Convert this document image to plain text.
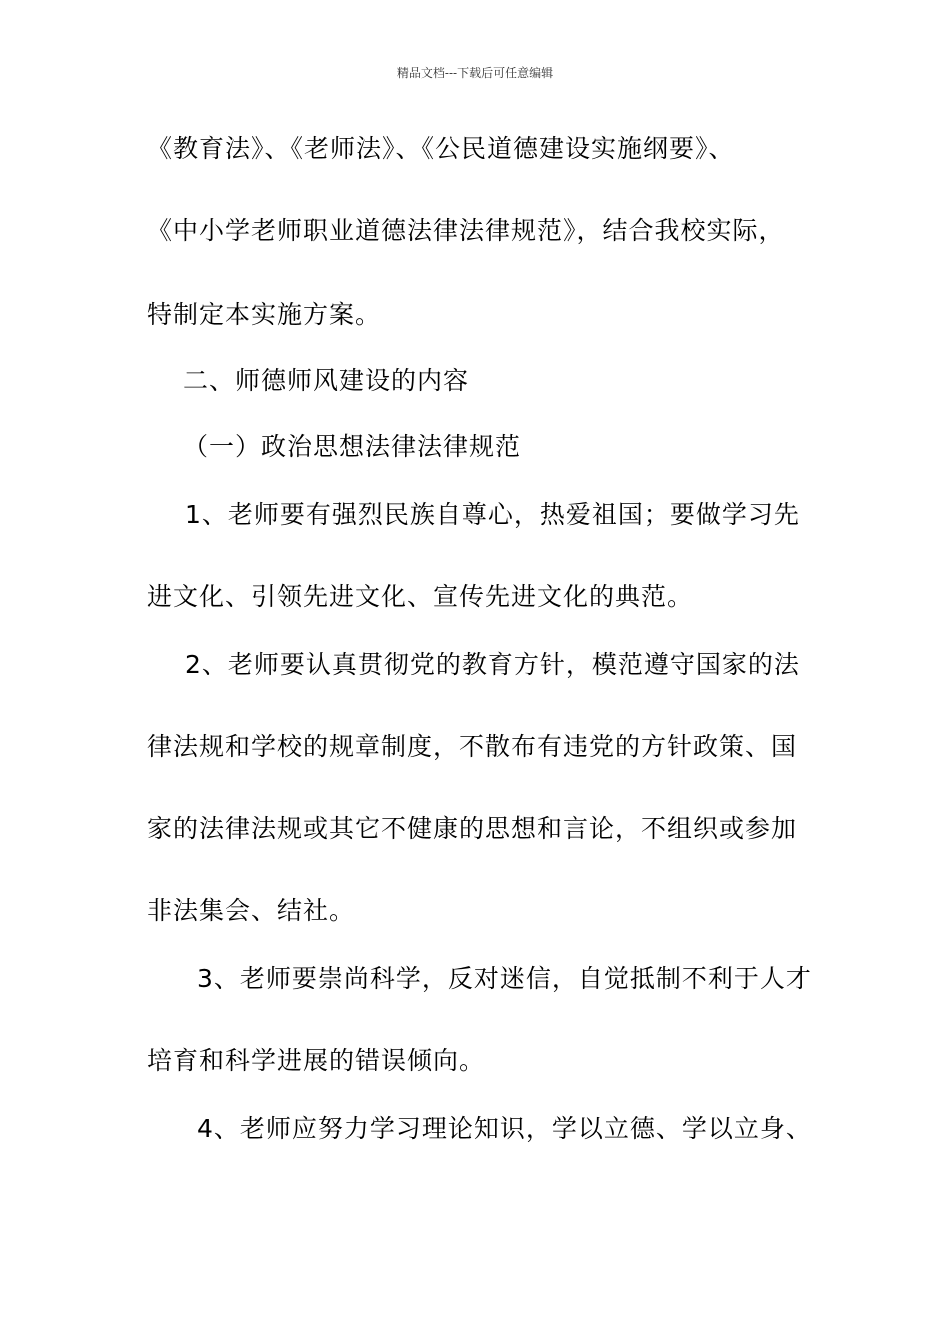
精品文档---下载后可任意编辑
《教育法》、《老师法》、《公民道德建设实施纲要》、
《中小学老师职业道德法律法律规范》，结合我校实际，
特制定本实施方案。
二、师德师风建设的内容
（一）政治思想法律法律规范
1、老师要有强烈民族自尊心，热爱祖国；要做学习先
进文化、引领先进文化、宣传先进文化的典范。
2、老师要认真贯彻党的教育方针，模范遵守国家的法
律法规和学校的规章制度，不散布有违党的方针政策、国
家的法律法规或其它不健康的思想和言论，不组织或参加
非法集会、结社。
3、老师要崇尚科学，反对迷信，自觉抵制不利于人才
培育和科学进展的错误倾向。
4、老师应努力学习理论知识，学以立德、学以立身、
